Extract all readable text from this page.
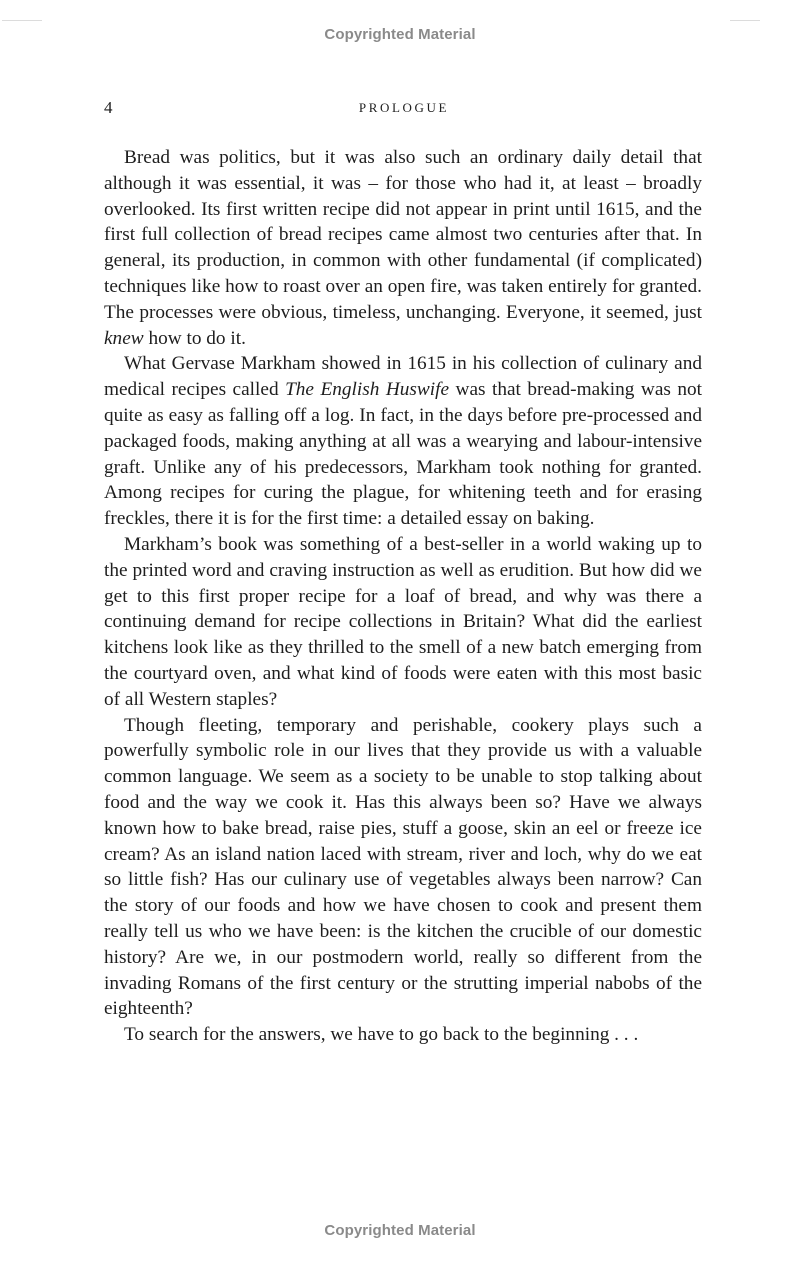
Copyrighted Material
4	PROLOGUE

Bread was politics, but it was also such an ordinary daily detail that although it was essential, it was – for those who had it, at least – broadly overlooked. Its first written recipe did not appear in print until 1615, and the first full collection of bread recipes came almost two centuries after that. In general, its production, in common with other fundamental (if complicated) techniques like how to roast over an open fire, was taken entirely for granted. The processes were obvious, timeless, unchanging. Everyone, it seemed, just knew how to do it.

What Gervase Markham showed in 1615 in his collection of culinary and medical recipes called The English Huswife was that bread-making was not quite as easy as falling off a log. In fact, in the days before pre-processed and packaged foods, making anything at all was a wearying and labour-intensive graft. Unlike any of his predecessors, Markham took nothing for granted. Among recipes for curing the plague, for whitening teeth and for erasing freckles, there it is for the first time: a detailed essay on baking.

Markham’s book was something of a best-seller in a world waking up to the printed word and craving instruction as well as erudition. But how did we get to this first proper recipe for a loaf of bread, and why was there a continuing demand for recipe collections in Britain? What did the earliest kitchens look like as they thrilled to the smell of a new batch emerging from the courtyard oven, and what kind of foods were eaten with this most basic of all Western staples?

Though fleeting, temporary and perishable, cookery plays such a powerfully symbolic role in our lives that they provide us with a valuable common language. We seem as a society to be unable to stop talking about food and the way we cook it. Has this always been so? Have we always known how to bake bread, raise pies, stuff a goose, skin an eel or freeze ice cream? As an island nation laced with stream, river and loch, why do we eat so little fish? Has our culinary use of vegetables always been narrow? Can the story of our foods and how we have chosen to cook and present them really tell us who we have been: is the kitchen the crucible of our domestic history? Are we, in our postmodern world, really so different from the invading Romans of the first century or the strutting imperial nabobs of the eighteenth?

To search for the answers, we have to go back to the beginning . . .

Copyrighted Material
